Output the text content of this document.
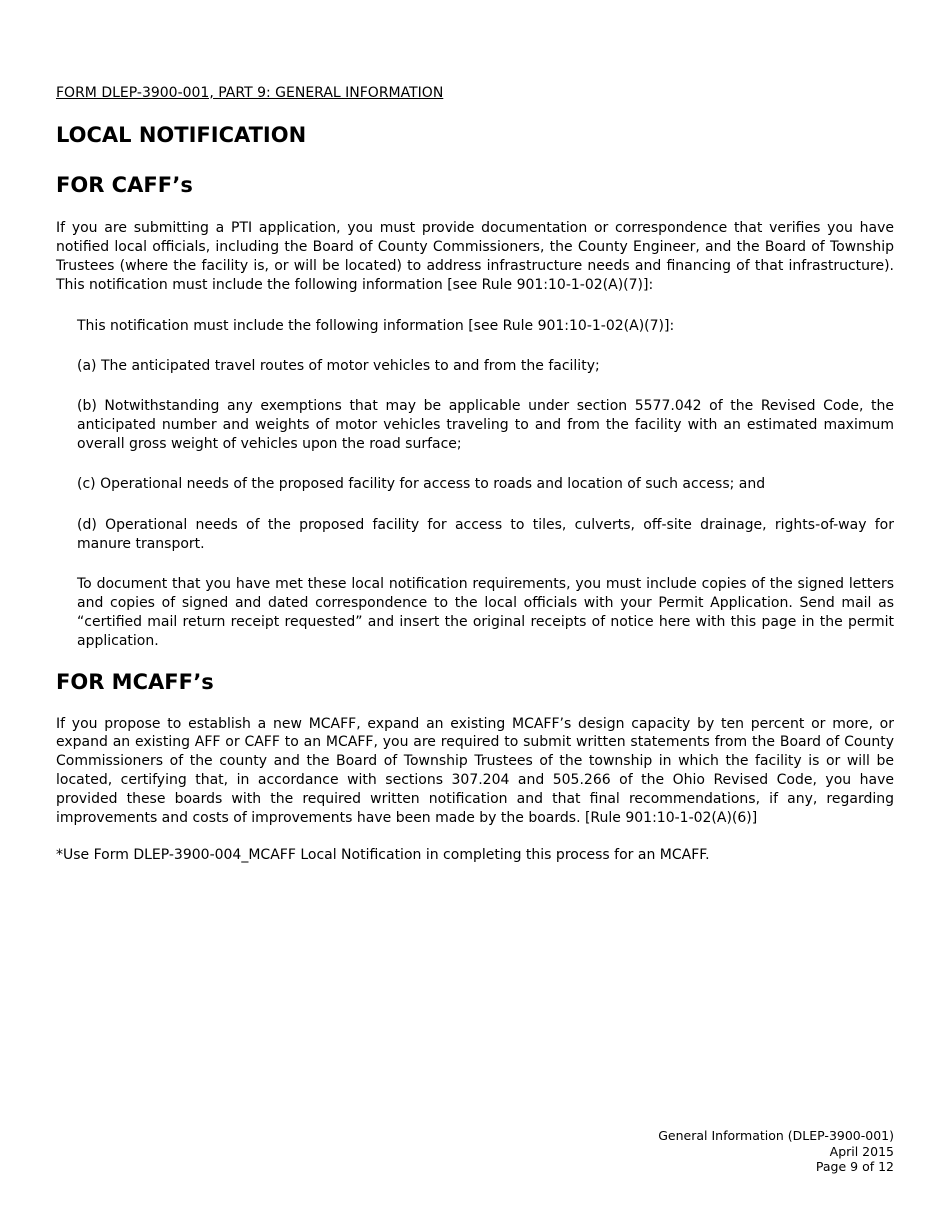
FORM DLEP-3900-001, PART 9: GENERAL INFORMATION

LOCAL NOTIFICATION
FOR CAFF’s

If you are submitting a PTI application, you must provide documentation or correspondence that verifies you have notified local officials, including the Board of County Commissioners, the County Engineer, and the Board of Township Trustees (where the facility is, or will be located) to address infrastructure needs and financing of that infrastructure). This notification must include the following information [see Rule 901:10-1-02(A)(7)]:

This notification must include the following information [see Rule 901:10-1-02(A)(7)]:

(a) The anticipated travel routes of motor vehicles to and from the facility;

(b) Notwithstanding any exemptions that may be applicable under section 5577.042 of the Revised Code, the anticipated number and weights of motor vehicles traveling to and from the facility with an estimated maximum overall gross weight of vehicles upon the road surface;

(c) Operational needs of the proposed facility for access to roads and location of such access; and

(d) Operational needs of the proposed facility for access to tiles, culverts, off-site drainage, rights-of-way for manure transport.

To document that you have met these local notification requirements, you must include copies of the signed letters and copies of signed and dated correspondence to the local officials with your Permit Application. Send mail as “certified mail return receipt requested” and insert the original receipts of notice here with this page in the permit application.

FOR MCAFF’s

If you propose to establish a new MCAFF, expand an existing MCAFF’s design capacity by ten percent or more, or expand an existing AFF or CAFF to an MCAFF, you are required to submit written statements from the Board of County Commissioners of the county and the Board of Township Trustees of the township in which the facility is or will be located, certifying that, in accordance with sections 307.204 and 505.266 of the Ohio Revised Code, you have provided these boards with the required written notification and that final recommendations, if any, regarding improvements and costs of improvements have been made by the boards. [Rule 901:10-1-02(A)(6)]

*Use Form DLEP-3900-004_MCAFF Local Notification in completing this process for an MCAFF.

General Information (DLEP-3900-001)
April 2015
Page 9 of 12
